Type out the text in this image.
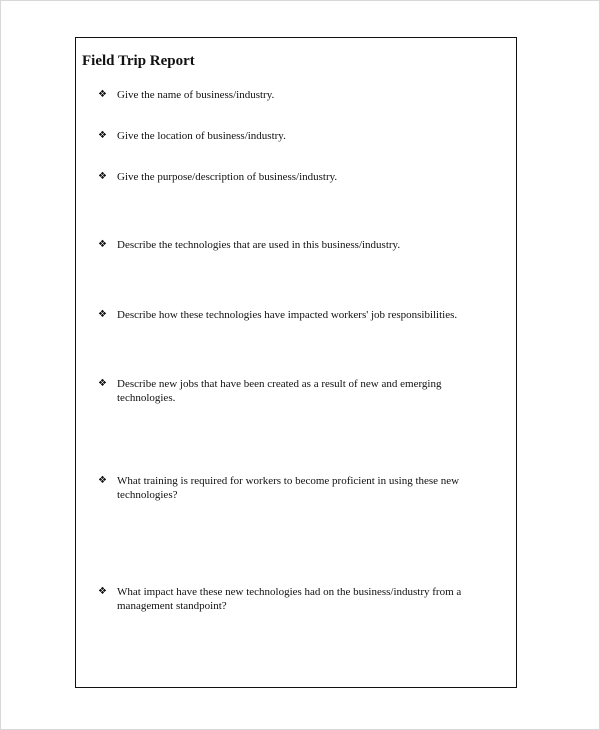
Field Trip Report
❖ Give the name of business/industry.
❖ Give the location of business/industry.
❖ Give the purpose/description of business/industry.
❖ Describe the technologies that are used in this business/industry.
❖ Describe how these technologies have impacted workers' job responsibilities.
❖ Describe new jobs that have been created as a result of new and emerging technologies.
❖ What training is required for workers to become proficient in using these new technologies?
❖ What impact have these new technologies had on the business/industry from a management standpoint?
